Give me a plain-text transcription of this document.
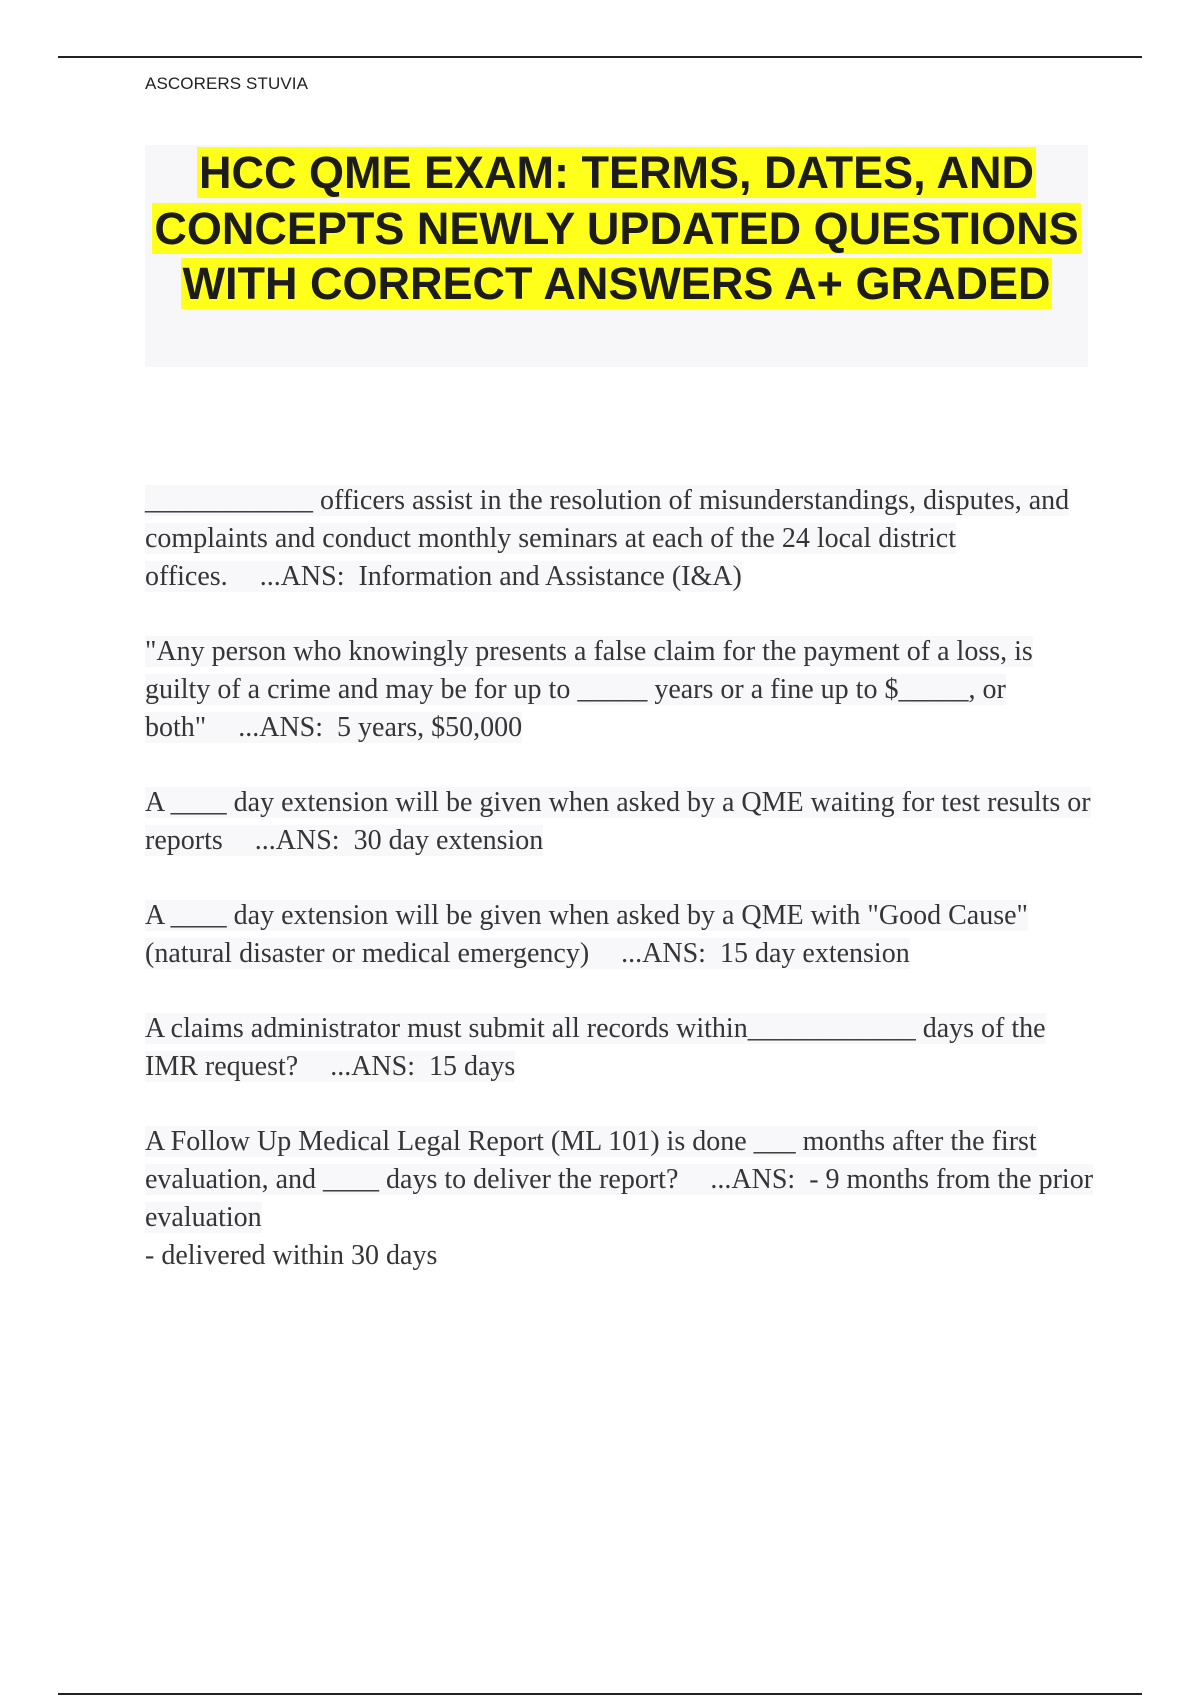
ASCORERS STUVIA
HCC QME EXAM: TERMS, DATES, AND CONCEPTS NEWLY UPDATED QUESTIONS WITH CORRECT ANSWERS A+ GRADED

____________ officers assist in the resolution of misunderstandings, disputes, and complaints and conduct monthly seminars at each of the 24 local district offices. ...ANS: Information and Assistance (I&A)

"Any person who knowingly presents a false claim for the payment of a loss, is guilty of a crime and may be for up to _____ years or a fine up to $_____, or both" ...ANS: 5 years, $50,000

A ____ day extension will be given when asked by a QME waiting for test results or reports ...ANS: 30 day extension

A ____ day extension will be given when asked by a QME with "Good Cause" (natural disaster or medical emergency) ...ANS: 15 day extension

A claims administrator must submit all records within____________ days of the IMR request? ...ANS: 15 days

A Follow Up Medical Legal Report (ML 101) is done ___ months after the first evaluation, and ____ days to deliver the report? ...ANS: - 9 months from the prior evaluation
- delivered within 30 days
